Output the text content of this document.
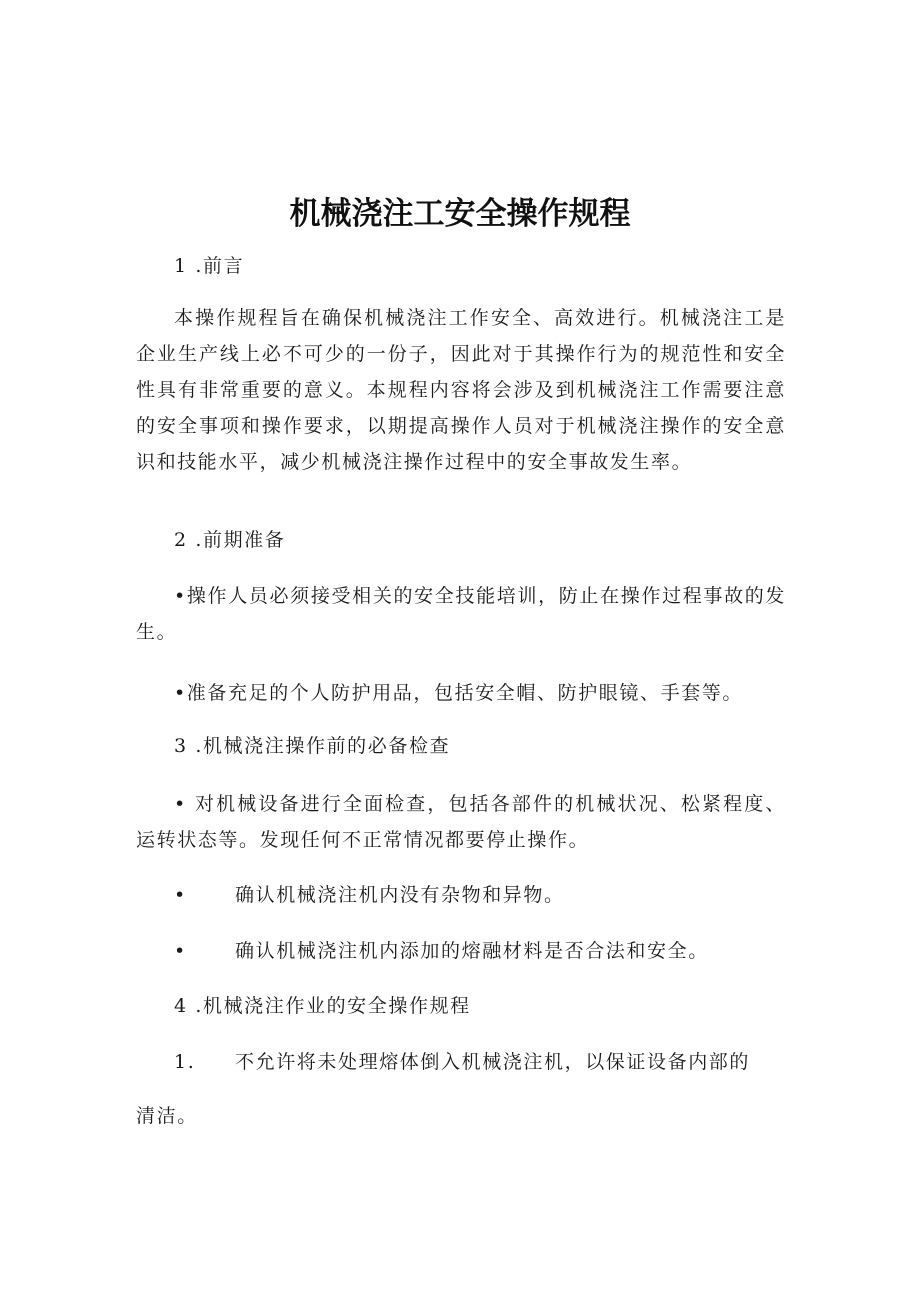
机械浇注工安全操作规程
1 .前言
本操作规程旨在确保机械浇注工作安全、高效进行。机械浇注工是企业生产线上必不可少的一份子，因此对于其操作行为的规范性和安全性具有非常重要的意义。本规程内容将会涉及到机械浇注工作需要注意的安全事项和操作要求，以期提高操作人员对于机械浇注操作的安全意识和技能水平，减少机械浇注操作过程中的安全事故发生率。
2 .前期准备
•操作人员必须接受相关的安全技能培训，防止在操作过程事故的发生。
•准备充足的个人防护用品，包括安全帽、防护眼镜、手套等。
3 .机械浇注操作前的必备检查
• 对机械设备进行全面检查，包括各部件的机械状况、松紧程度、运转状态等。发现任何不正常情况都要停止操作。
•	确认机械浇注机内没有杂物和异物。
•	确认机械浇注机内添加的熔融材料是否合法和安全。
4 .机械浇注作业的安全操作规程
1. 不允许将未处理熔体倒入机械浇注机，以保证设备内部的
清洁。
